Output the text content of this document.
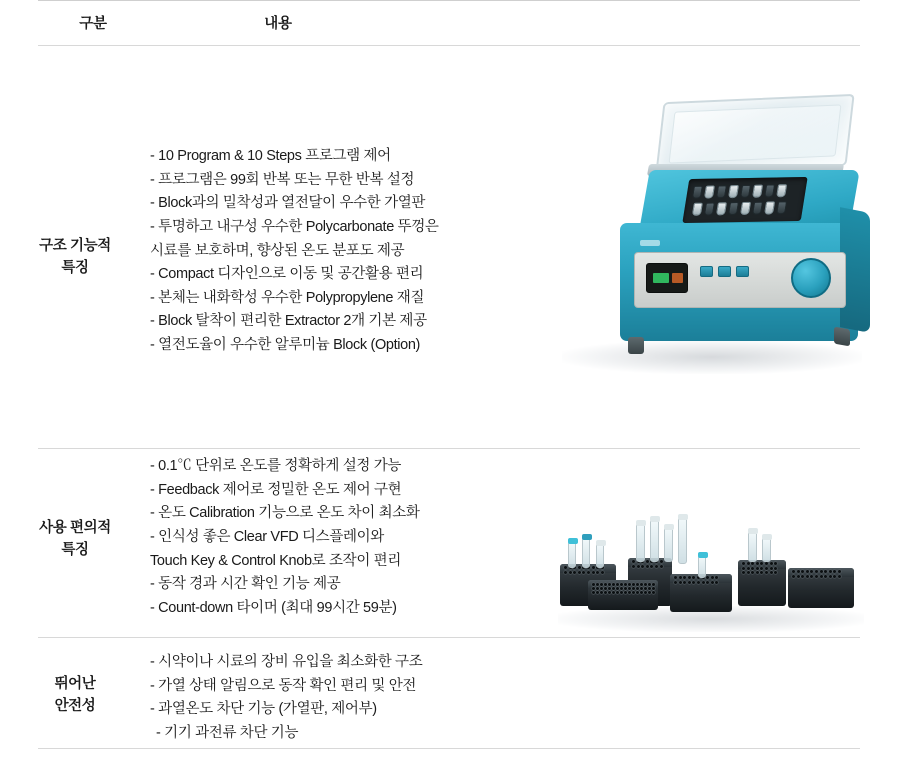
구분	내용
구조 기능적
특징
- 10 Program & 10 Steps 프로그램 제어
- 프로그램은 99회 반복 또는 무한 반복 설정
- Block과의 밀착성과 열전달이 우수한 가열판
- 투명하고 내구성 우수한 Polycarbonate 뚜껑은
시료를 보호하며, 향상된 온도 분포도 제공
- Compact 디자인으로 이동 및 공간활용 편리
- 본체는 내화학성 우수한 Polypropylene 재질
- Block 탈착이 편리한 Extractor 2개 기본 제공
- 열전도율이 우수한 알루미늄 Block (Option)
사용 편의적
특징
- 0.1℃ 단위로 온도를 정확하게 설정 가능
- Feedback 제어로 정밀한 온도 제어 구현
- 온도 Calibration 기능으로 온도 차이 최소화
- 인식성 좋은 Clear VFD 디스플레이와
Touch Key & Control Knob로 조작이 편리
- 동작 경과 시간 확인 기능 제공
- Count-down 타이머 (최대 99시간 59분)
뛰어난
안전성
- 시약이나 시료의 장비 유입을 최소화한 구조
- 가열 상태 알림으로 동작 확인 편리 및 안전
- 과열온도 차단 기능 (가열판, 제어부)
- 기기 과전류 차단 기능
